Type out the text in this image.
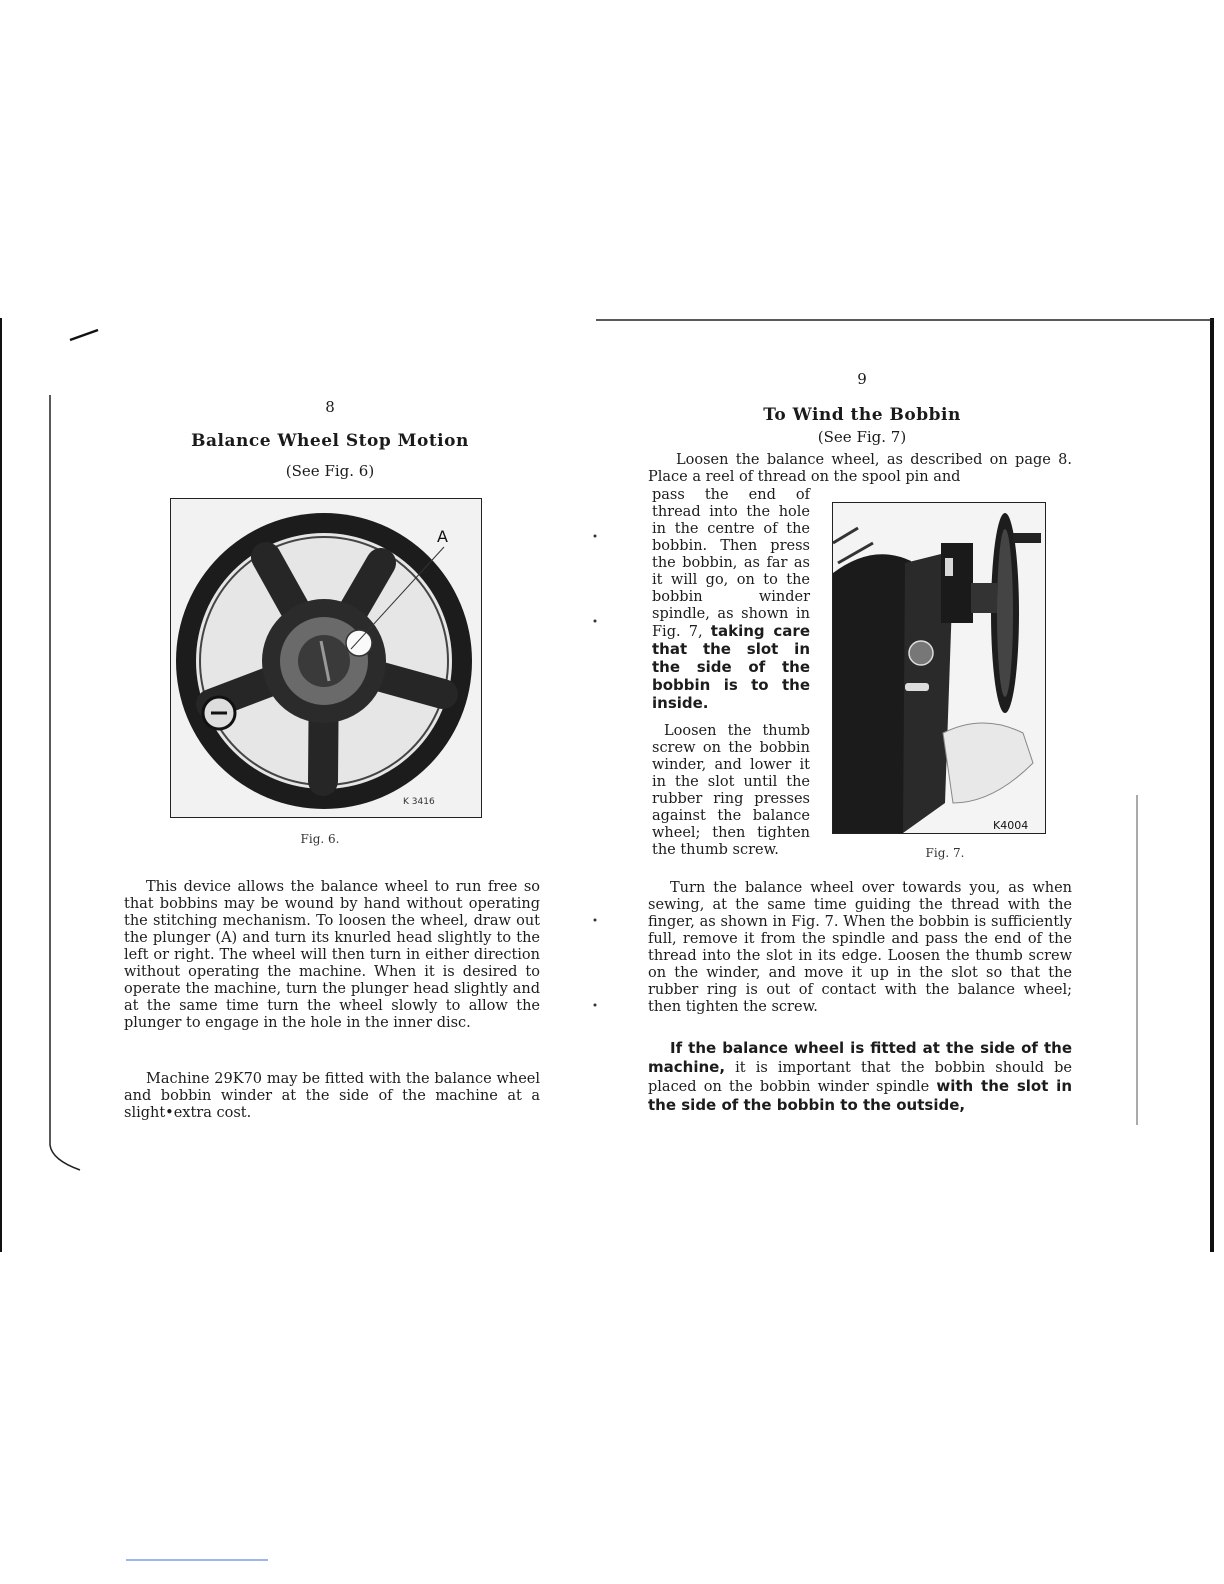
8
Balance Wheel Stop Motion
(See Fig. 6)
A
K 3416
Fig. 6.

This device allows the balance wheel to run free so that bobbins may be wound by hand without operating the stitching mechanism. To loosen the wheel, draw out the plunger (A) and turn its knurled head slightly to the left or right. The wheel will then turn in either direction without operating the machine. When it is desired to operate the machine, turn the plunger head slightly and at the same time turn the wheel slowly to allow the plunger to engage in the hole in the inner disc.

Machine 29K70 may be fitted with the balance wheel and bobbin winder at the side of the machine at a slight•extra cost.

9
To Wind the Bobbin
(See Fig. 7)

Loosen the balance wheel, as described on page 8. Place a reel of thread on the spool pin and

pass the end of thread into the hole in the centre of the bobbin. Then press the bobbin, as far as it will go, on to the bobbin winder spindle, as shown in Fig. 7, taking care that the slot in the side of the bobbin is to the inside.

Loosen the thumb screw on the bobbin winder, and lower it in the slot until the rubber ring presses against the balance wheel; then tighten the thumb screw.

K4004
Fig. 7.

Turn the balance wheel over towards you, as when sewing, at the same time guiding the thread with the finger, as shown in Fig. 7. When the bobbin is sufficiently full, remove it from the spindle and pass the end of the thread into the slot in its edge. Loosen the thumb screw on the winder, and move it up in the slot so that the rubber ring is out of contact with the balance wheel; then tighten the screw.

If the balance wheel is fitted at the side of the machine, it is important that the bobbin should be placed on the bobbin winder spindle with the slot in the side of the bobbin to the outside,
